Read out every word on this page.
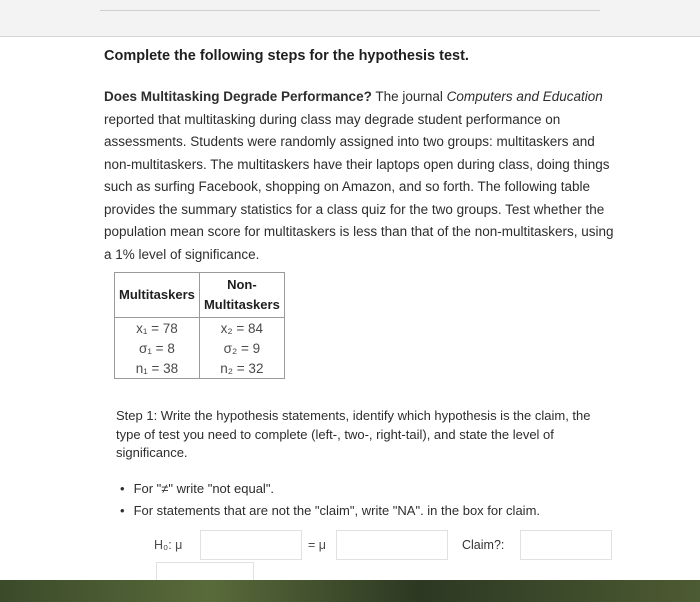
Complete the following steps for the hypothesis test.

Does Multitasking Degrade Performance? The journal Computers and Education reported that multitasking during class may degrade student performance on assessments. Students were randomly assigned into two groups: multitaskers and non-multitaskers. The multitaskers have their laptops open during class, doing things such as surfing Facebook, shopping on Amazon, and so forth. The following table provides the summary statistics for a class quiz for the two groups. Test whether the population mean score for multitaskers is less than that of the non-multitaskers, using a 1% level of significance.

Multitaskers	Non-Multitaskers
x₁ = 78	x₂ = 84
σ₁ = 8	σ₂ = 9
n₁ = 38	n₂ = 32
Step 1: Write the hypothesis statements, identify which hypothesis is the claim, the type of test you need to complete (left-, two-, right-tail), and state the level of significance.
• For "≠" write "not equal".
• For statements that are not the "claim", write "NA". in the box for claim.
H₀: μ	= μ	Claim?:
